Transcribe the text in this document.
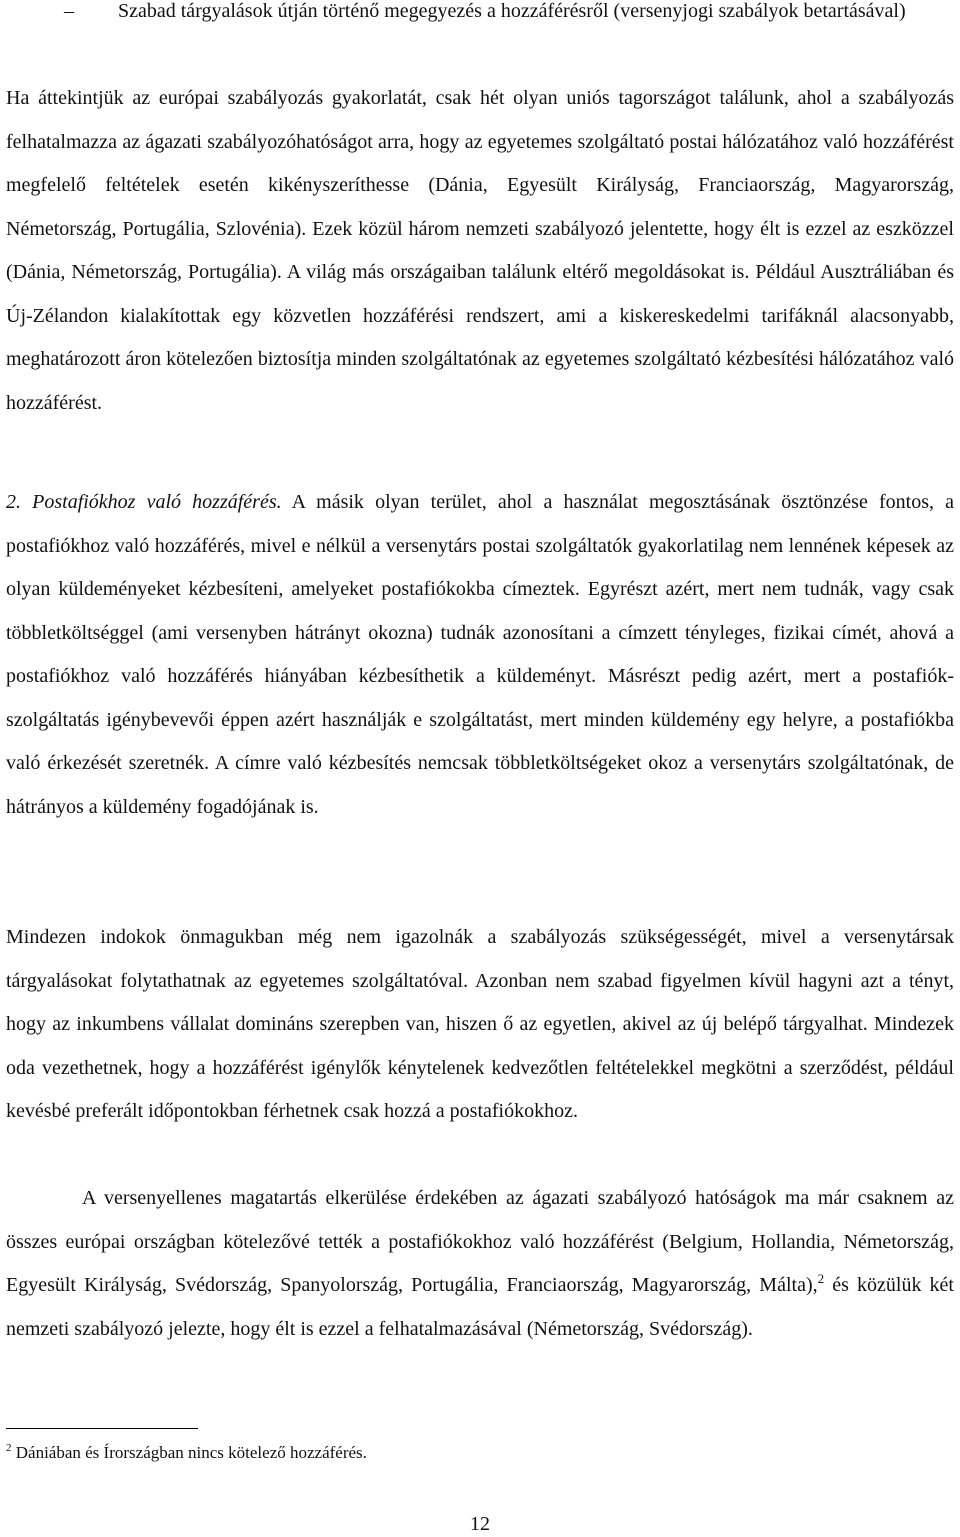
– Szabad tárgyalások útján történő megegyezés a hozzáférésről (versenyjogi szabályok betartásával)

Ha áttekintjük az európai szabályozás gyakorlatát, csak hét olyan uniós tagországot találunk, ahol a szabályozás felhatalmazza az ágazati szabályozóhatóságot arra, hogy az egyetemes szolgáltató postai hálózatához való hozzáférést megfelelő feltételek esetén kikényszeríthesse (Dánia, Egyesült Királyság, Franciaország, Magyarország, Németország, Portugália, Szlovénia). Ezek közül három nemzeti szabályozó jelentette, hogy élt is ezzel az eszközzel (Dánia, Németország, Portugália). A világ más országaiban találunk eltérő megoldásokat is. Például Ausztráliában és Új-Zélandon kialakítottak egy közvetlen hozzáférési rendszert, ami a kiskereskedelmi tarifáknál alacsonyabb, meghatározott áron kötelezően biztosítja minden szolgáltatónak az egyetemes szolgáltató kézbesítési hálózatához való hozzáférést.

2. Postafiókhoz való hozzáférés. A másik olyan terület, ahol a használat megosztásának ösztönzése fontos, a postafiókhoz való hozzáférés, mivel e nélkül a versenytárs postai szolgáltatók gyakorlatilag nem lennének képesek az olyan küldeményeket kézbesíteni, amelyeket postafiókokba címeztek. Egyrészt azért, mert nem tudnák, vagy csak többletköltséggel (ami versenyben hátrányt okozna) tudnák azonosítani a címzett tényleges, fizikai címét, ahová a postafiókhoz való hozzáférés hiányában kézbesíthetik a küldeményt. Másrészt pedig azért, mert a postafiók-szolgáltatás igénybevevői éppen azért használják e szolgáltatást, mert minden küldemény egy helyre, a postafiókba való érkezését szeretnék. A címre való kézbesítés nemcsak többletköltségeket okoz a versenytárs szolgáltatónak, de hátrányos a küldemény fogadójának is.

Mindezen indokok önmagukban még nem igazolnák a szabályozás szükségességét, mivel a versenytársak tárgyalásokat folytathatnak az egyetemes szolgáltatóval. Azonban nem szabad figyelmen kívül hagyni azt a tényt, hogy az inkumbens vállalat domináns szerepben van, hiszen ő az egyetlen, akivel az új belépő tárgyalhat. Mindezek oda vezethetnek, hogy a hozzáférést igénylők kénytelenek kedvezőtlen feltételekkel megkötni a szerződést, például kevésbé preferált időpontokban férhetnek csak hozzá a postafiókokhoz.

A versenyellenes magatartás elkerülése érdekében az ágazati szabályozó hatóságok ma már csaknem az összes európai országban kötelezővé tették a postafiókokhoz való hozzáférést (Belgium, Hollandia, Németország, Egyesült Királyság, Svédország, Spanyolország, Portugália, Franciaország, Magyarország, Málta),$^2$ és közülük két nemzeti szabályozó jelezte, hogy élt is ezzel a felhatalmazásával (Németország, Svédország).

$^2$ Dániában és Írországban nincs kötelező hozzáférés.

12
